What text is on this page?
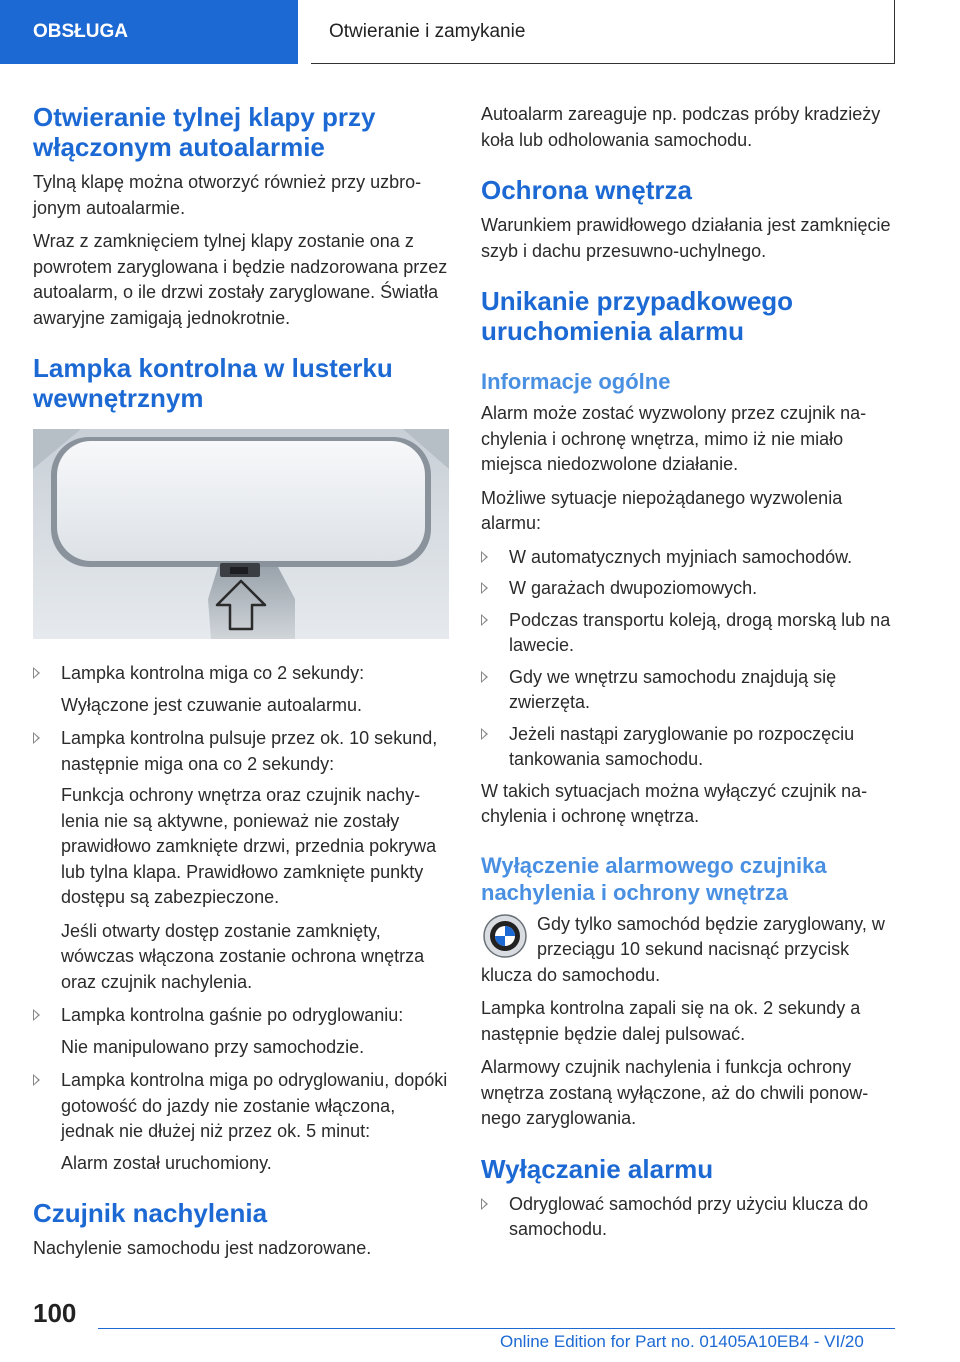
OBSŁUGA	Otwieranie i zamykanie
Otwieranie tylnej klapy przy włączonym autoalarmie

Tylną klapę można otworzyć również przy uzbrojonym autoalarmie.

Wraz z zamknięciem tylnej klapy zostanie ona z powrotem zaryglowana i będzie nadzorowana przez autoalarm, o ile drzwi zostały zaryglowane. Światła awaryjne zamigają jednokrotnie.

Lampka kontrolna w lusterku wewnętrznym
Lampka kontrolna miga co 2 sekundy:
Wyłączone jest czuwanie autoalarmu.
Lampka kontrolna pulsuje przez ok. 10 sekund, następnie miga ona co 2 sekundy:
Funkcja ochrony wnętrza oraz czujnik nachylenia nie są aktywne, ponieważ nie zostały prawidłowo zamknięte drzwi, przednia pokrywa lub tylna klapa. Prawidłowo zamknięte punkty dostępu są zabezpieczone.
Jeśli otwarty dostęp zostanie zamknięty, wówczas włączona zostanie ochrona wnętrza oraz czujnik nachylenia.
Lampka kontrolna gaśnie po odryglowaniu:
Nie manipulowano przy samochodzie.
Lampka kontrolna miga po odryglowaniu, dopóki gotowość do jazdy nie zostanie włączona, jednak nie dłużej niż przez ok. 5 minut:
Alarm został uruchomiony.
Czujnik nachylenia

Nachylenie samochodu jest nadzorowane.

Autoalarm zareaguje np. podczas próby kradzieży koła lub odholowania samochodu.

Ochrona wnętrza

Warunkiem prawidłowego działania jest zamknięcie szyb i dachu przesuwno-uchylnego.

Unikanie przypadkowego uruchomienia alarmu
Informacje ogólne

Alarm może zostać wyzwolony przez czujnik nachylenia i ochronę wnętrza, mimo iż nie miało miejsca niedozwolone działanie.

Możliwe sytuacje niepożądanego wyzwolenia alarmu:

W automatycznych myjniach samochodów.
W garażach dwupoziomowych.
Podczas transportu koleją, drogą morską lub na lawecie.
Gdy we wnętrzu samochodu znajdują się zwierzęta.
Jeżeli nastąpi zaryglowanie po rozpoczęciu tankowania samochodu.

W takich sytuacjach można wyłączyć czujnik nachylenia i ochronę wnętrza.

Wyłączenie alarmowego czujnika nachylenia i ochrony wnętrza

Gdy tylko samochód będzie zaryglowany, w przeciągu 10 sekund nacisnąć przycisk klucza do samochodu.

Lampka kontrolna zapali się na ok. 2 sekundy a następnie będzie dalej pulsować.

Alarmowy czujnik nachylenia i funkcja ochrony wnętrza zostaną wyłączone, aż do chwili ponownego zaryglowania.

Wyłączanie alarmu
Odryglować samochód przy użyciu klucza do samochodu.
100
Online Edition for Part no. 01405A10EB4 - VI/20
